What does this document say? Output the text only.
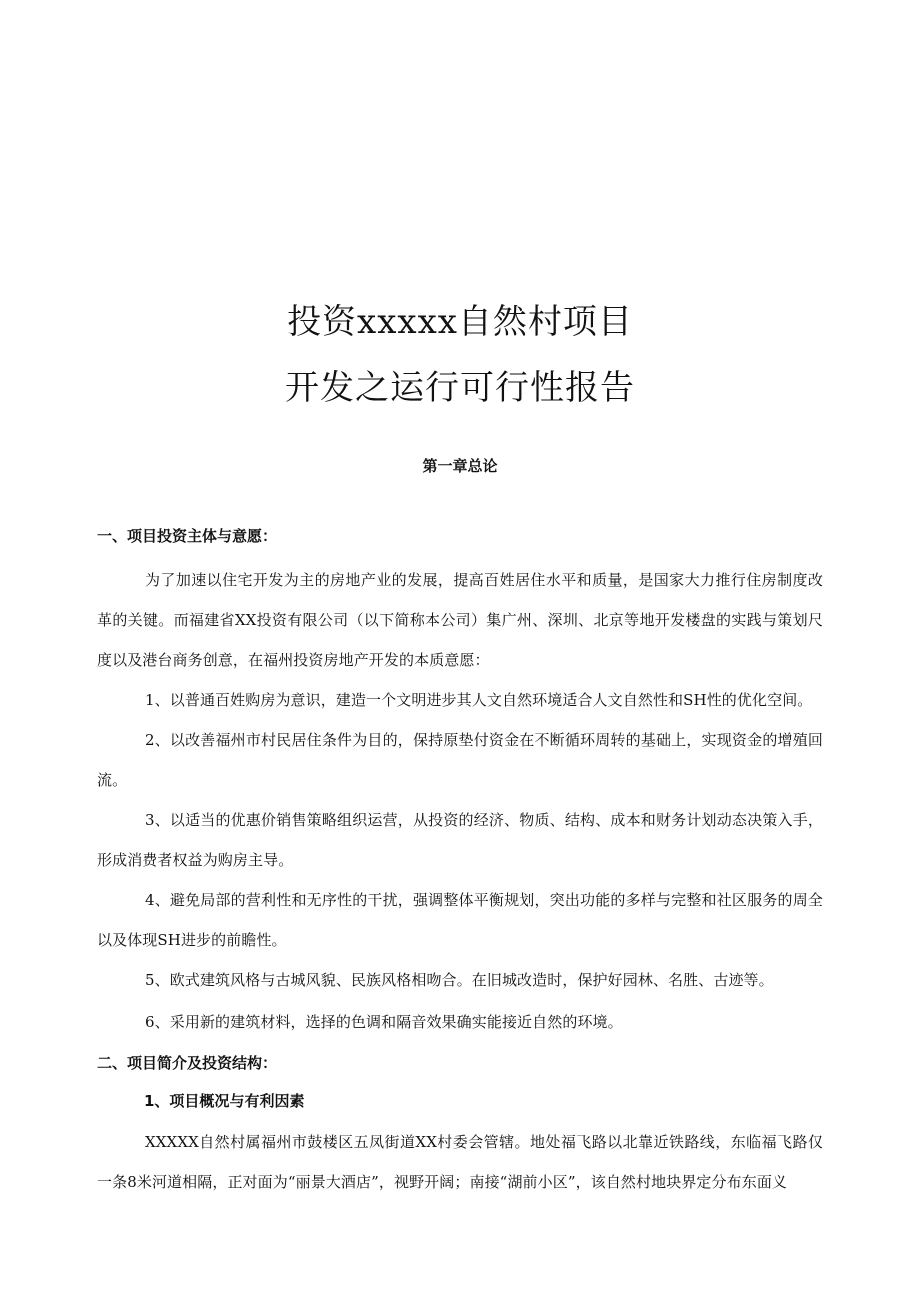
投资xxxxx自然村项目
开发之运行可行性报告
第一章总论
一、项目投资主体与意愿：
为了加速以住宅开发为主的房地产业的发展，提高百姓居住水平和质量，是国家大力推行住房制度改革的关键。而福建省XX投资有限公司（以下简称本公司）集广州、深圳、北京等地开发楼盘的实践与策划尺度以及港台商务创意，在福州投资房地产开发的本质意愿：
1、以普通百姓购房为意识，建造一个文明进步其人文自然环境适合人文自然性和SH性的优化空间。
2、以改善福州市村民居住条件为目的，保持原垫付资金在不断循环周转的基础上，实现资金的增殖回流。
3、以适当的优惠价销售策略组织运营，从投资的经济、物质、结构、成本和财务计划动态决策入手，形成消费者权益为购房主导。
4、避免局部的营利性和无序性的干扰，强调整体平衡规划，突出功能的多样与完整和社区服务的周全以及体现SH进步的前瞻性。
5、欧式建筑风格与古城风貌、民族风格相吻合。在旧城改造时，保护好园林、名胜、古迹等。
6、采用新的建筑材料，选择的色调和隔音效果确实能接近自然的环境。
二、项目简介及投资结构：
1、项目概况与有利因素
XXXXX自然村属福州市鼓楼区五凤街道XX村委会管辖。地处福飞路以北靠近铁路线，东临福飞路仅一条8米河道相隔，正对面为“丽景大酒店”，视野开阔；南接“湖前小区”，该自然村地块界定分布东面义
